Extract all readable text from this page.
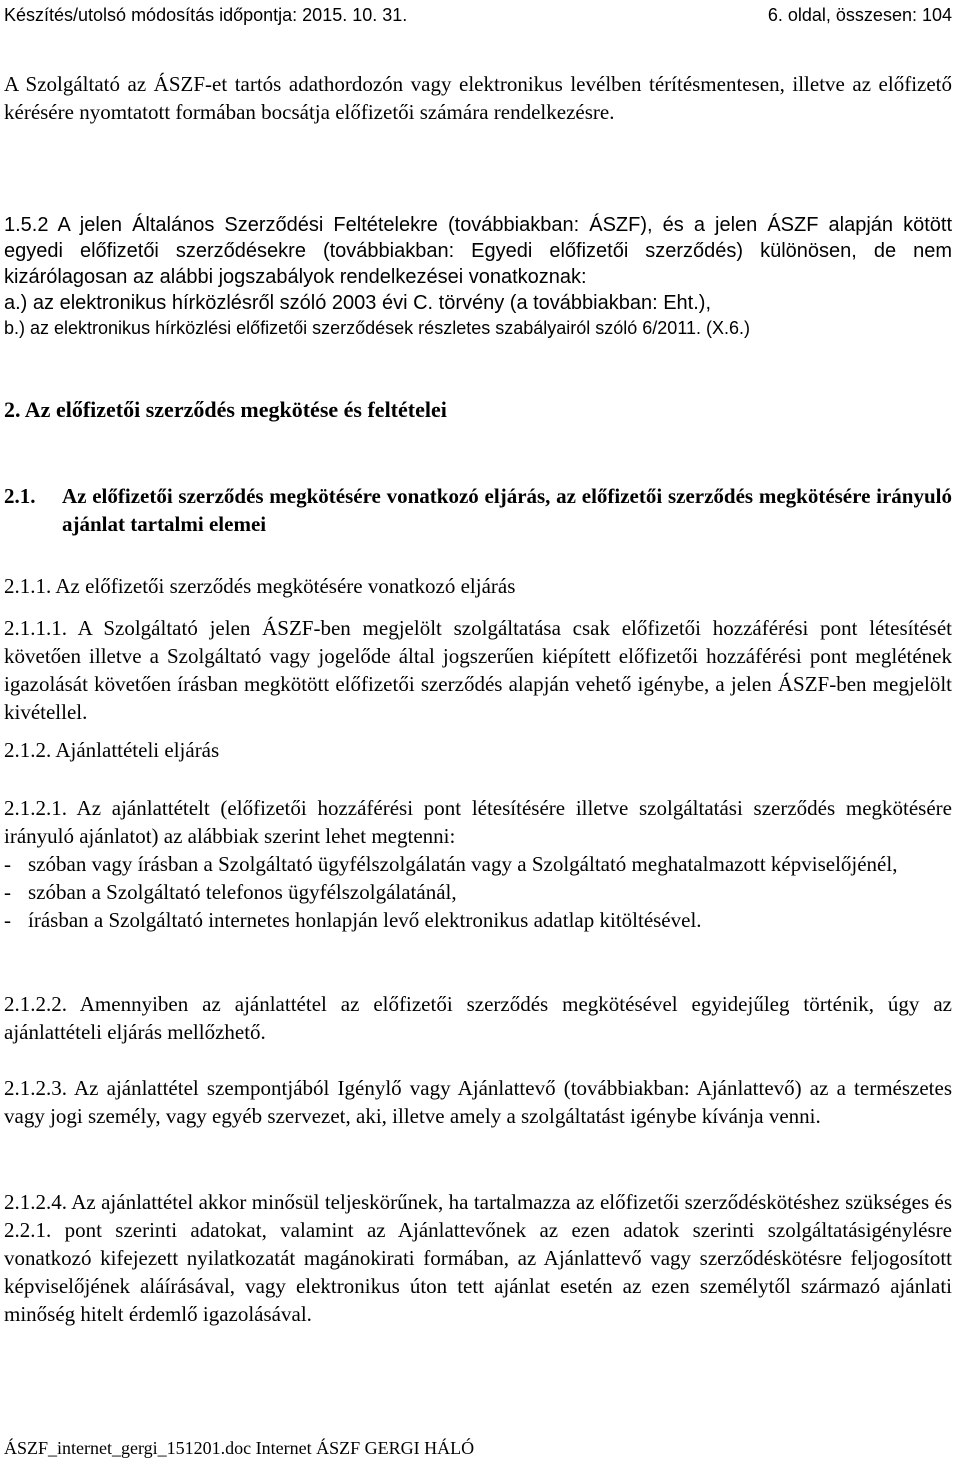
Készítés/utolsó módosítás időpontja: 2015. 10. 31.	6. oldal, összesen: 104

A Szolgáltató az ÁSZF-et tartós adathordozón vagy elektronikus levélben térítésmentesen, illetve az előfizető kérésére nyomtatott formában bocsátja előfizetői számára rendelkezésre.

1.5.2 A jelen Általános Szerződési Feltételekre (továbbiakban: ÁSZF), és a jelen ÁSZF alapján kötött egyedi előfizetői szerződésekre (továbbiakban: Egyedi előfizetői szerződés) különösen, de nem kizárólagosan az alábbi jogszabályok rendelkezései vonatkoznak:

a.) az elektronikus hírközlésről szóló 2003 évi C. törvény (a továbbiakban: Eht.),

b.) az elektronikus hírközlési előfizetői szerződések részletes szabályairól szóló 6/2011. (X.6.)

2. Az előfizetői szerződés megkötése és feltételei

2.1.	Az előfizetői szerződés megkötésére vonatkozó eljárás, az előfizetői szerződés megkötésére irányuló ajánlat tartalmi elemei

2.1.1. Az előfizetői szerződés megkötésére vonatkozó eljárás

2.1.1.1. A Szolgáltató jelen ÁSZF-ben megjelölt szolgáltatása csak előfizetői hozzáférési pont létesítését követően illetve a Szolgáltató vagy jogelőde által jogszerűen kiépített előfizetői hozzáférési pont meglétének igazolását követően írásban megkötött előfizetői szerződés alapján vehető igénybe, a jelen ÁSZF-ben megjelölt kivétellel.

2.1.2. Ajánlattételi eljárás

2.1.2.1. Az ajánlattételt (előfizetői hozzáférési pont létesítésére illetve szolgáltatási szerződés megkötésére irányuló ajánlatot) az alábbiak szerint lehet megtenni:

- szóban vagy írásban a Szolgáltató ügyfélszolgálatán vagy a Szolgáltató meghatalmazott képviselőjénél,
- szóban a Szolgáltató telefonos ügyfélszolgálatánál,
- írásban a Szolgáltató internetes honlapján levő elektronikus adatlap kitöltésével.

2.1.2.2. Amennyiben az ajánlattétel az előfizetői szerződés megkötésével egyidejűleg történik, úgy az ajánlattételi eljárás mellőzhető.

2.1.2.3. Az ajánlattétel szempontjából Igénylő vagy Ajánlattevő (továbbiakban: Ajánlattevő) az a természetes vagy jogi személy, vagy egyéb szervezet, aki, illetve amely a szolgáltatást igénybe kívánja venni.

2.1.2.4. Az ajánlattétel akkor minősül teljeskörűnek, ha tartalmazza az előfizetői szerződéskötéshez szükséges és 2.2.1. pont szerinti adatokat, valamint az Ajánlattevőnek az ezen adatok szerinti szolgáltatásigénylésre vonatkozó kifejezett nyilatkozatát magánokirati formában, az Ajánlattevő vagy szerződéskötésre feljogosított képviselőjének aláírásával, vagy elektronikus úton tett ajánlat esetén az ezen személytől származó ajánlati minőség hitelt érdemlő igazolásával.

ÁSZF_internet_gergi_151201.doc Internet ÁSZF GERGI HÁLÓ
